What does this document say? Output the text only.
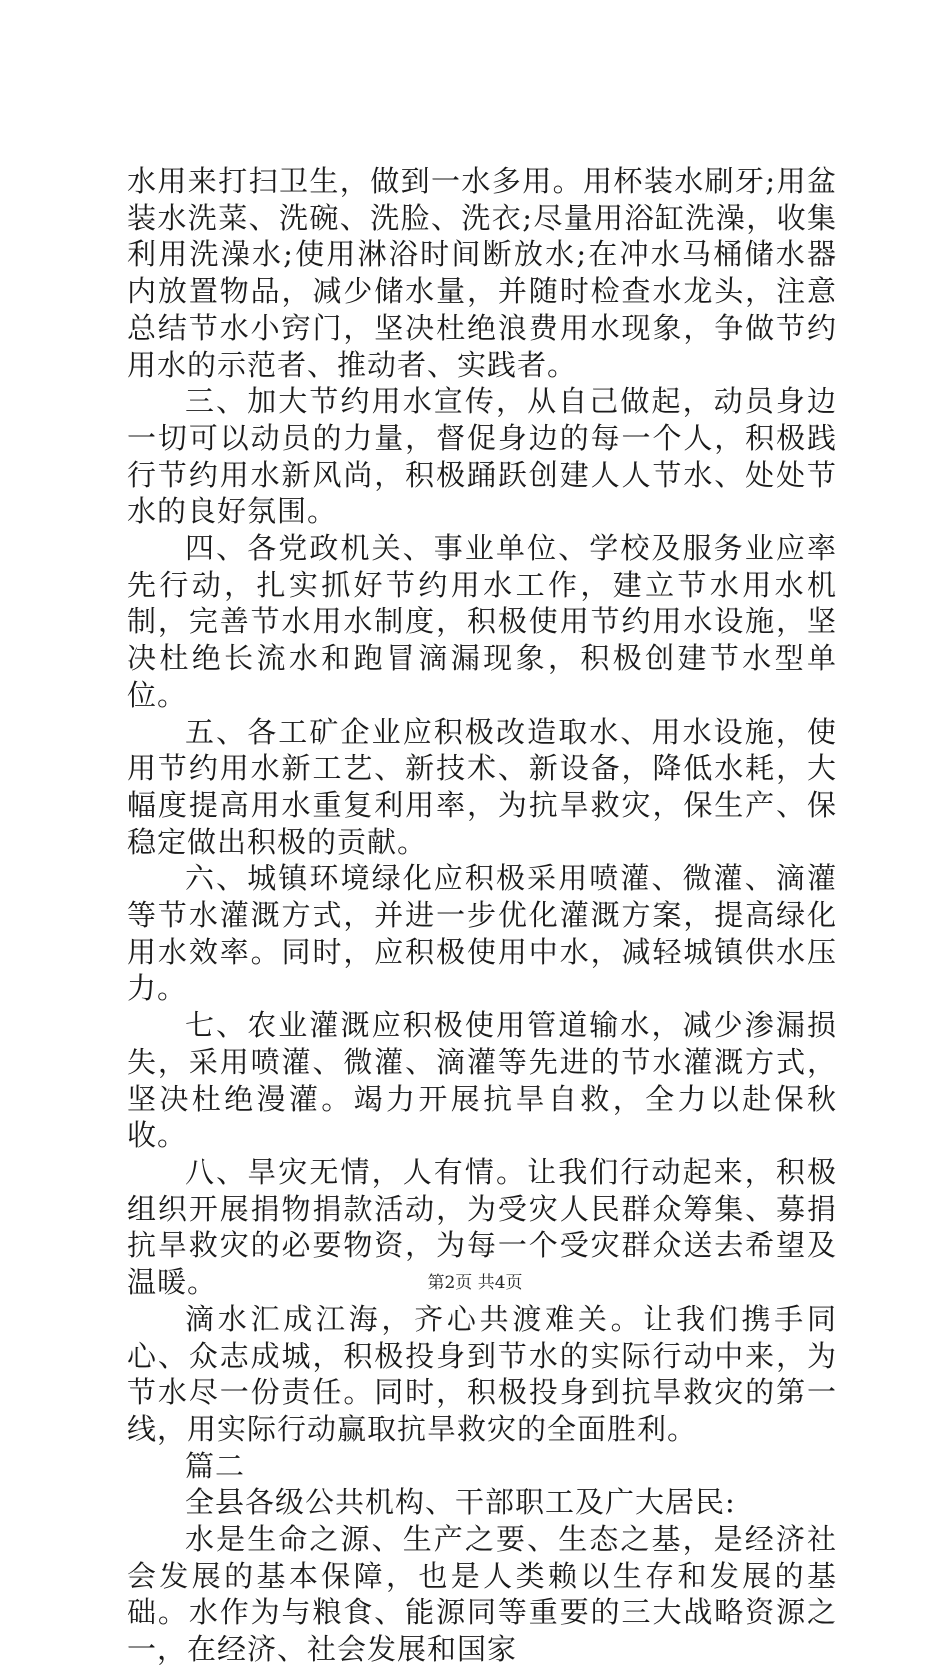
水用来打扫卫生，做到一水多用。用杯装水刷牙;用盆装水洗菜、洗碗、洗脸、洗衣;尽量用浴缸洗澡，收集利用洗澡水;使用淋浴时间断放水;在冲水马桶储水器内放置物品，减少储水量，并随时检查水龙头，注意总结节水小窍门，坚决杜绝浪费用水现象，争做节约用水的示范者、推动者、实践者。

三、加大节约用水宣传，从自己做起，动员身边一切可以动员的力量，督促身边的每一个人，积极践行节约用水新风尚，积极踊跃创建人人节水、处处节水的良好氛围。

四、各党政机关、事业单位、学校及服务业应率先行动，扎实抓好节约用水工作，建立节水用水机制，完善节水用水制度，积极使用节约用水设施，坚决杜绝长流水和跑冒滴漏现象，积极创建节水型单位。

五、各工矿企业应积极改造取水、用水设施，使用节约用水新工艺、新技术、新设备，降低水耗，大幅度提高用水重复利用率，为抗旱救灾，保生产、保稳定做出积极的贡献。

六、城镇环境绿化应积极采用喷灌、微灌、滴灌等节水灌溉方式，并进一步优化灌溉方案，提高绿化用水效率。同时，应积极使用中水，减轻城镇供水压力。

七、农业灌溉应积极使用管道输水，减少渗漏损失，采用喷灌、微灌、滴灌等先进的节水灌溉方式，坚决杜绝漫灌。竭力开展抗旱自救，全力以赴保秋收。

八、旱灾无情，人有情。让我们行动起来，积极组织开展捐物捐款活动，为受灾人民群众筹集、募捐抗旱救灾的必要物资，为每一个受灾群众送去希望及温暖。

滴水汇成江海，齐心共渡难关。让我们携手同心、众志成城，积极投身到节水的实际行动中来，为节水尽一份责任。同时，积极投身到抗旱救灾的第一线，用实际行动赢取抗旱救灾的全面胜利。

篇二

全县各级公共机构、干部职工及广大居民:

水是生命之源、生产之要、生态之基，是经济社会发展的基本保障，也是人类赖以生存和发展的基础。水作为与粮食、能源同等重要的三大战略资源之一，在经济、社会发展和国家

第2页 共4页
